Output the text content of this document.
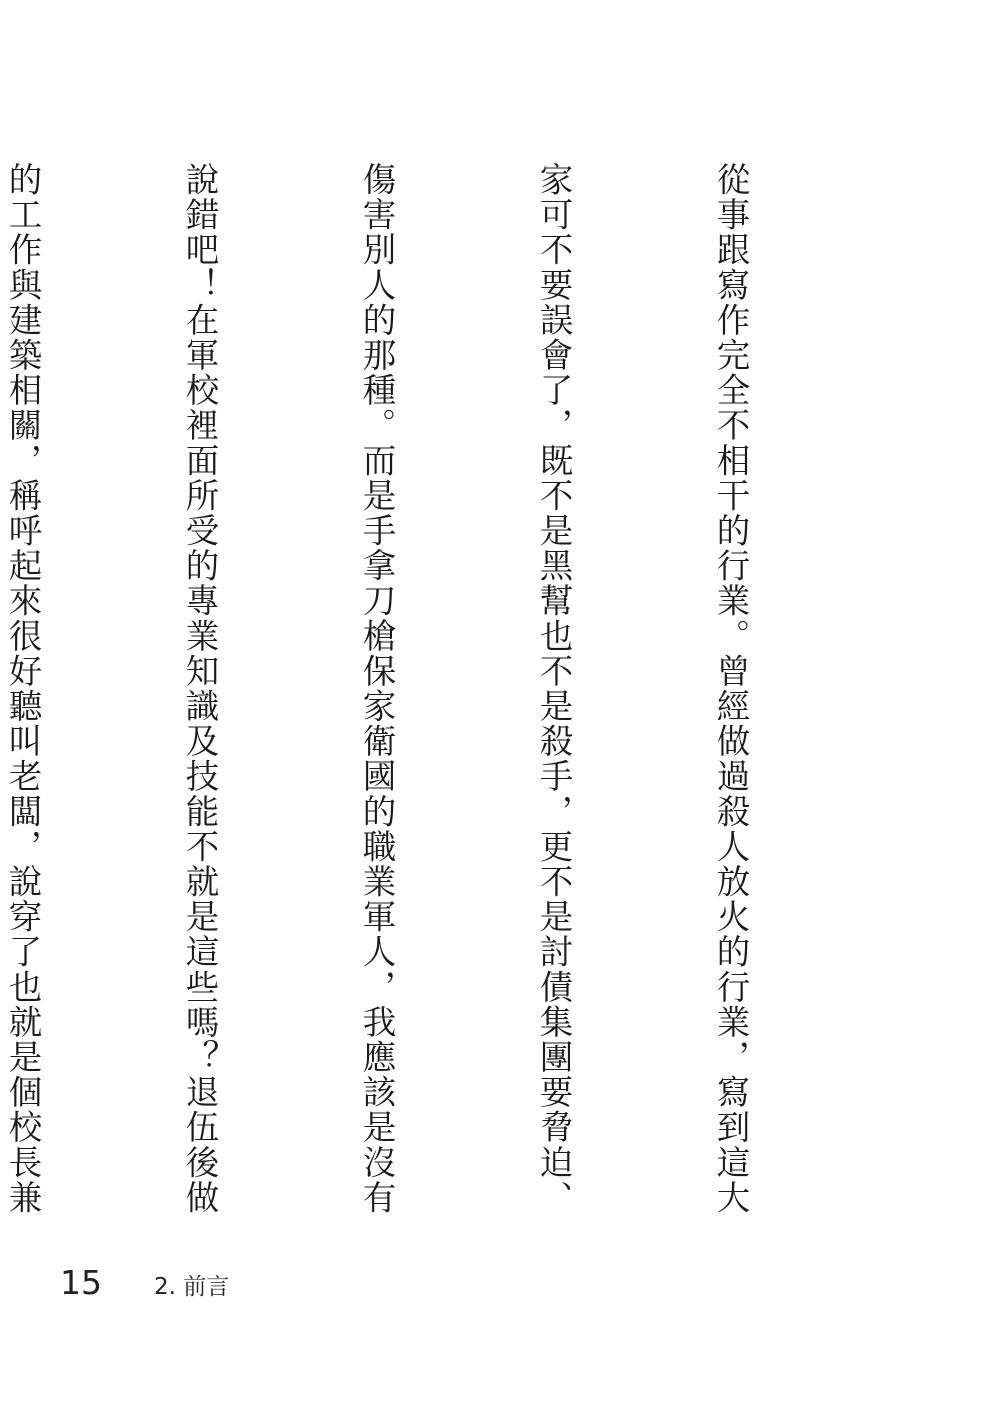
從事跟寫作完全不相干的行業。曾經做過殺人放火的行業，寫到這大

家可不要誤會了，既不是黑幫也不是殺手，更不是討債集團要脅迫、

傷害別人的那種。而是手拿刀槍保家衛國的職業軍人，我應該是沒有

說錯吧！在軍校裡面所受的專業知識及技能不就是這些嗎？退伍後做

的工作與建築相關，稱呼起來很好聽叫老闆，說穿了也就是個校長兼

15 2. 前言
